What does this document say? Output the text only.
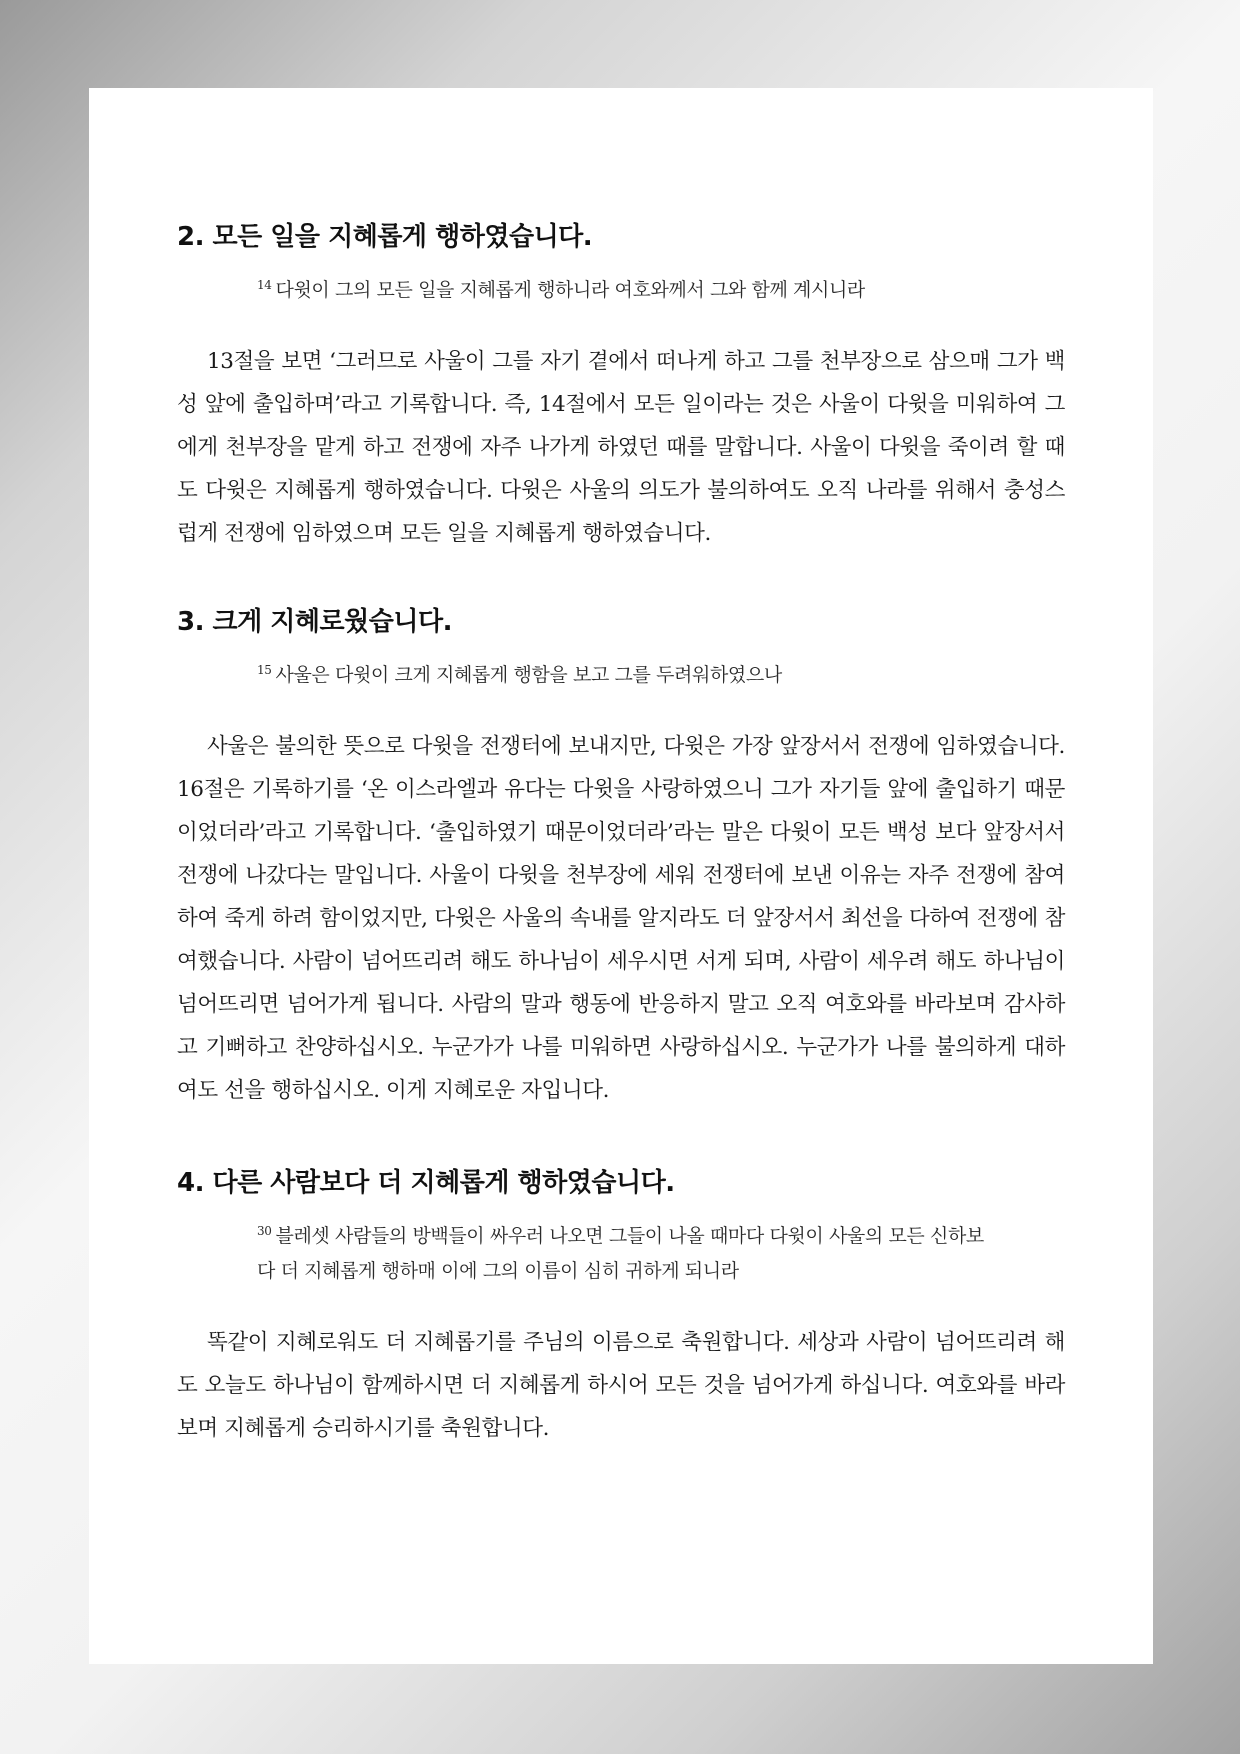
2. 모든 일을 지혜롭게 행하였습니다.

$^{14}$ 다윗이 그의 모든 일을 지혜롭게 행하니라 여호와께서 그와 함께 계시니라

13절을 보면 ‘그러므로 사울이 그를 자기 곁에서 떠나게 하고 그를 천부장으로 삼으매 그가 백성 앞에 출입하며’라고 기록합니다. 즉, 14절에서 모든 일이라는 것은 사울이 다윗을 미워하여 그에게 천부장을 맡게 하고 전쟁에 자주 나가게 하였던 때를 말합니다. 사울이 다윗을 죽이려 할 때도 다윗은 지혜롭게 행하였습니다. 다윗은 사울의 의도가 불의하여도 오직 나라를 위해서 충성스럽게 전쟁에 임하였으며 모든 일을 지혜롭게 행하였습니다.

3. 크게 지혜로웠습니다.

$^{15}$ 사울은 다윗이 크게 지혜롭게 행함을 보고 그를 두려워하였으나

사울은 불의한 뜻으로 다윗을 전쟁터에 보내지만, 다윗은 가장 앞장서서 전쟁에 임하였습니다. 16절은 기록하기를 ‘온 이스라엘과 유다는 다윗을 사랑하였으니 그가 자기들 앞에 출입하기 때문이었더라’라고 기록합니다. ‘출입하였기 때문이었더라’라는 말은 다윗이 모든 백성 보다 앞장서서 전쟁에 나갔다는 말입니다. 사울이 다윗을 천부장에 세워 전쟁터에 보낸 이유는 자주 전쟁에 참여하여 죽게 하려 함이었지만, 다윗은 사울의 속내를 알지라도 더 앞장서서 최선을 다하여 전쟁에 참여했습니다. 사람이 넘어뜨리려 해도 하나님이 세우시면 서게 되며, 사람이 세우려 해도 하나님이 넘어뜨리면 넘어가게 됩니다. 사람의 말과 행동에 반응하지 말고 오직 여호와를 바라보며 감사하고 기뻐하고 찬양하십시오. 누군가가 나를 미워하면 사랑하십시오. 누군가가 나를 불의하게 대하여도 선을 행하십시오. 이게 지혜로운 자입니다.

4. 다른 사람보다 더 지혜롭게 행하였습니다.

$^{30}$ 블레셋 사람들의 방백들이 싸우러 나오면 그들이 나올 때마다 다윗이 사울의 모든 신하보다 더 지혜롭게 행하매 이에 그의 이름이 심히 귀하게 되니라

똑같이 지혜로워도 더 지혜롭기를 주님의 이름으로 축원합니다. 세상과 사람이 넘어뜨리려 해도 오늘도 하나님이 함께하시면 더 지혜롭게 하시어 모든 것을 넘어가게 하십니다. 여호와를 바라보며 지혜롭게 승리하시기를 축원합니다.
